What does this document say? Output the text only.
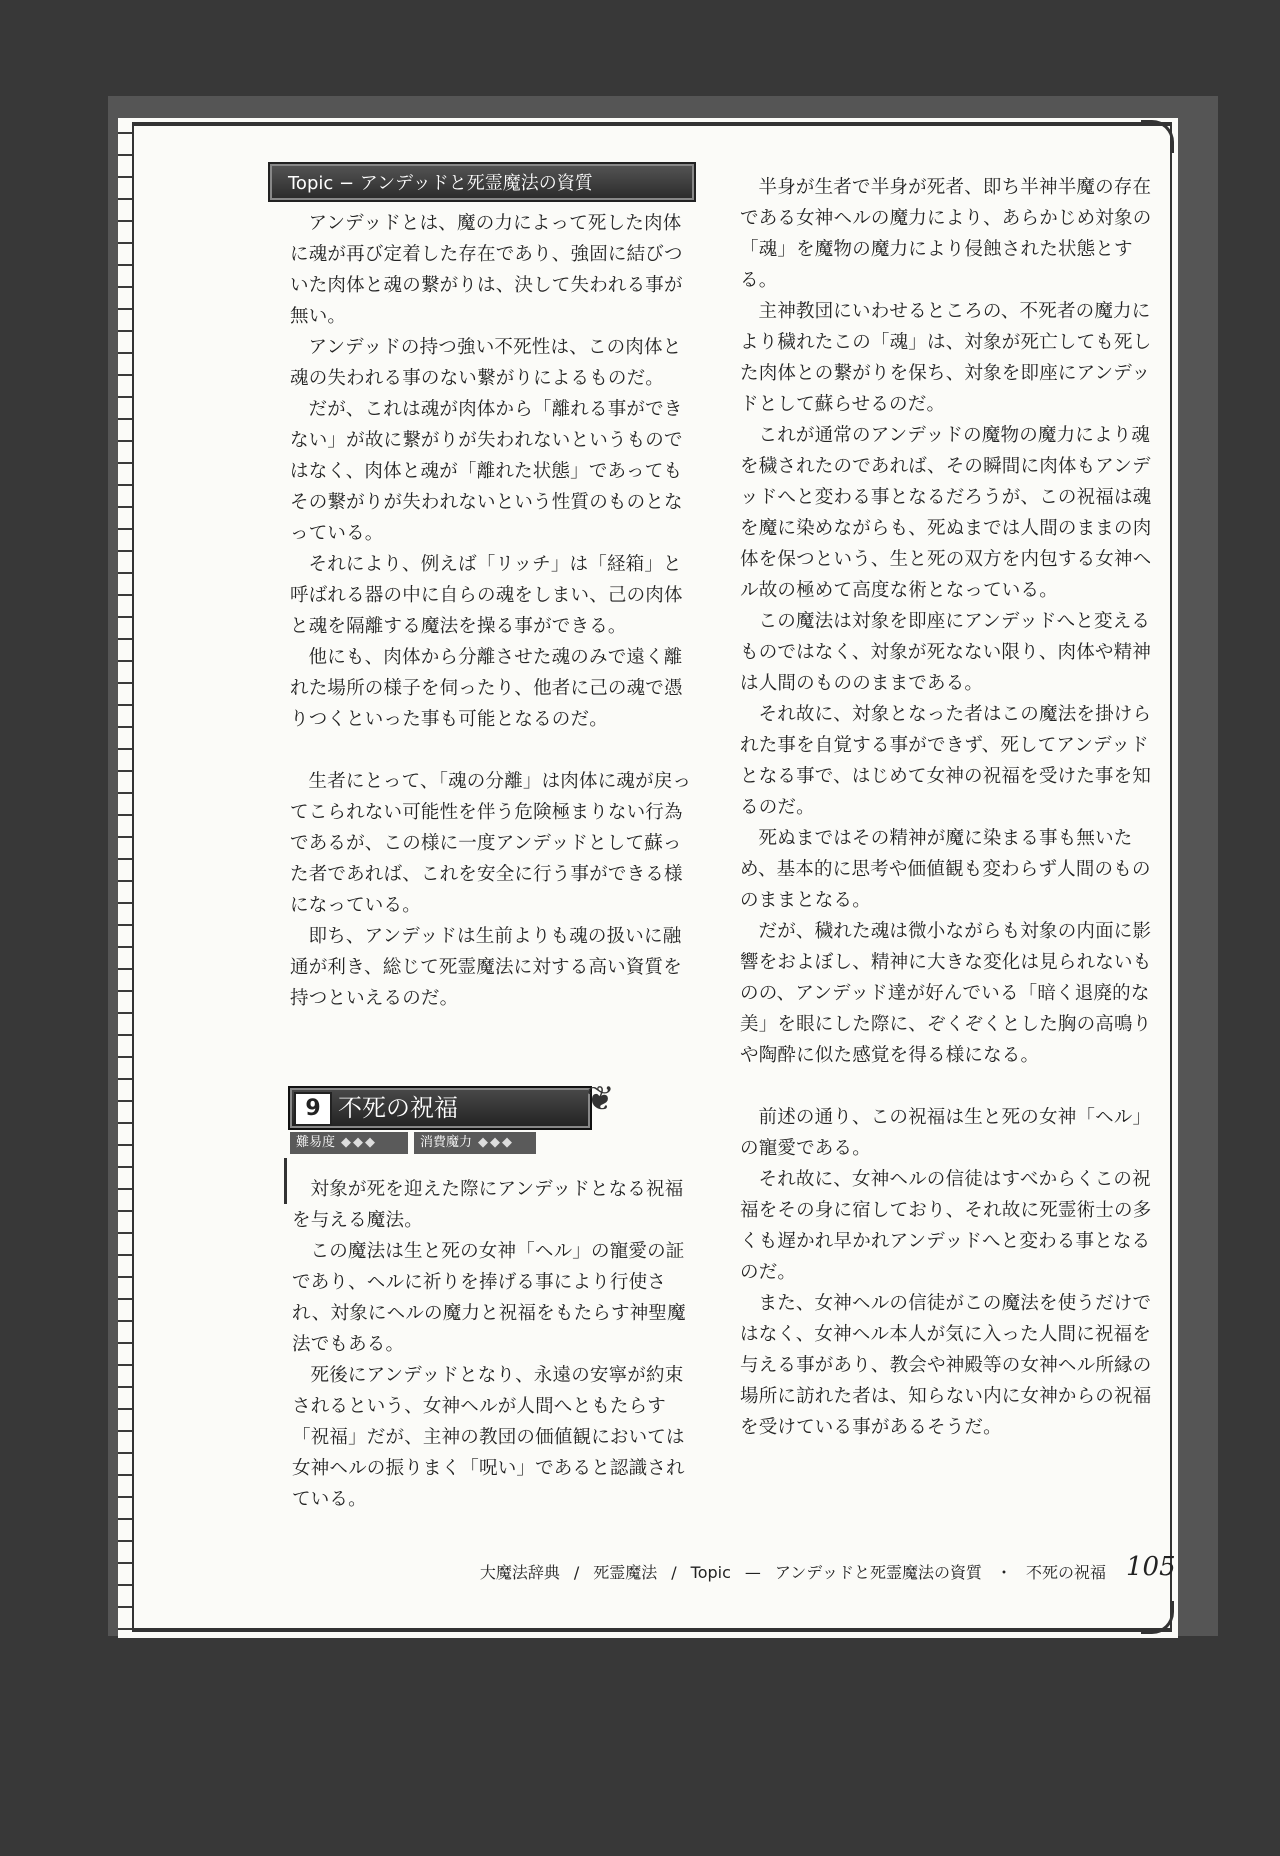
Topic − アンデッドと死霊魔法の資質

アンデッドとは、魔の力によって死した肉体に魂が再び定着した存在であり、強固に結びついた肉体と魂の繋がりは、決して失われる事が無い。

アンデッドの持つ強い不死性は、この肉体と魂の失われる事のない繋がりによるものだ。

だが、これは魂が肉体から「離れる事ができない」が故に繋がりが失われないというものではなく、肉体と魂が「離れた状態」であってもその繋がりが失われないという性質のものとなっている。

それにより、例えば「リッチ」は「経箱」と呼ばれる器の中に自らの魂をしまい、己の肉体と魂を隔離する魔法を操る事ができる。

他にも、肉体から分離させた魂のみで遠く離れた場所の様子を伺ったり、他者に己の魂で憑りつくといった事も可能となるのだ。

生者にとって、「魂の分離」は肉体に魂が戻ってこられない可能性を伴う危険極まりない行為であるが、この様に一度アンデッドとして蘇った者であれば、これを安全に行う事ができる様になっている。

即ち、アンデッドは生前よりも魂の扱いに融通が利き、総じて死霊魔法に対する高い資質を持つといえるのだ。

9 不死の祝福	❦
難易度 ◆◆◆	消費魔力 ◆◆◆

対象が死を迎えた際にアンデッドとなる祝福を与える魔法。

この魔法は生と死の女神「ヘル」の寵愛の証であり、ヘルに祈りを捧げる事により行使され、対象にヘルの魔力と祝福をもたらす神聖魔法でもある。

死後にアンデッドとなり、永遠の安寧が約束されるという、女神ヘルが人間へともたらす「祝福」だが、主神の教団の価値観においては女神ヘルの振りまく「呪い」であると認識されている。

半身が生者で半身が死者、即ち半神半魔の存在である女神ヘルの魔力により、あらかじめ対象の「魂」を魔物の魔力により侵蝕された状態とする。

主神教団にいわせるところの、不死者の魔力により穢れたこの「魂」は、対象が死亡しても死した肉体との繋がりを保ち、対象を即座にアンデッドとして蘇らせるのだ。

これが通常のアンデッドの魔物の魔力により魂を穢されたのであれば、その瞬間に肉体もアンデッドへと変わる事となるだろうが、この祝福は魂を魔に染めながらも、死ぬまでは人間のままの肉体を保つという、生と死の双方を内包する女神ヘル故の極めて高度な術となっている。

この魔法は対象を即座にアンデッドへと変えるものではなく、対象が死なない限り、肉体や精神は人間のもののままである。

それ故に、対象となった者はこの魔法を掛けられた事を自覚する事ができず、死してアンデッドとなる事で、はじめて女神の祝福を受けた事を知るのだ。

死ぬまではその精神が魔に染まる事も無いため、基本的に思考や価値観も変わらず人間のもののままとなる。

だが、穢れた魂は微小ながらも対象の内面に影響をおよぼし、精神に大きな変化は見られないものの、アンデッド達が好んでいる「暗く退廃的な美」を眼にした際に、ぞくぞくとした胸の高鳴りや陶酔に似た感覚を得る様になる。

前述の通り、この祝福は生と死の女神「ヘル」の寵愛である。

それ故に、女神ヘルの信徒はすべからくこの祝福をその身に宿しており、それ故に死霊術士の多くも遅かれ早かれアンデッドへと変わる事となるのだ。

また、女神ヘルの信徒がこの魔法を使うだけではなく、女神ヘル本人が気に入った人間に祝福を与える事があり、教会や神殿等の女神ヘル所縁の場所に訪れた者は、知らない内に女神からの祝福を受けている事があるそうだ。

大魔法辞典 / 死霊魔法 / Topic — アンデッドと死霊魔法の資質 ・ 不死の祝福 105
